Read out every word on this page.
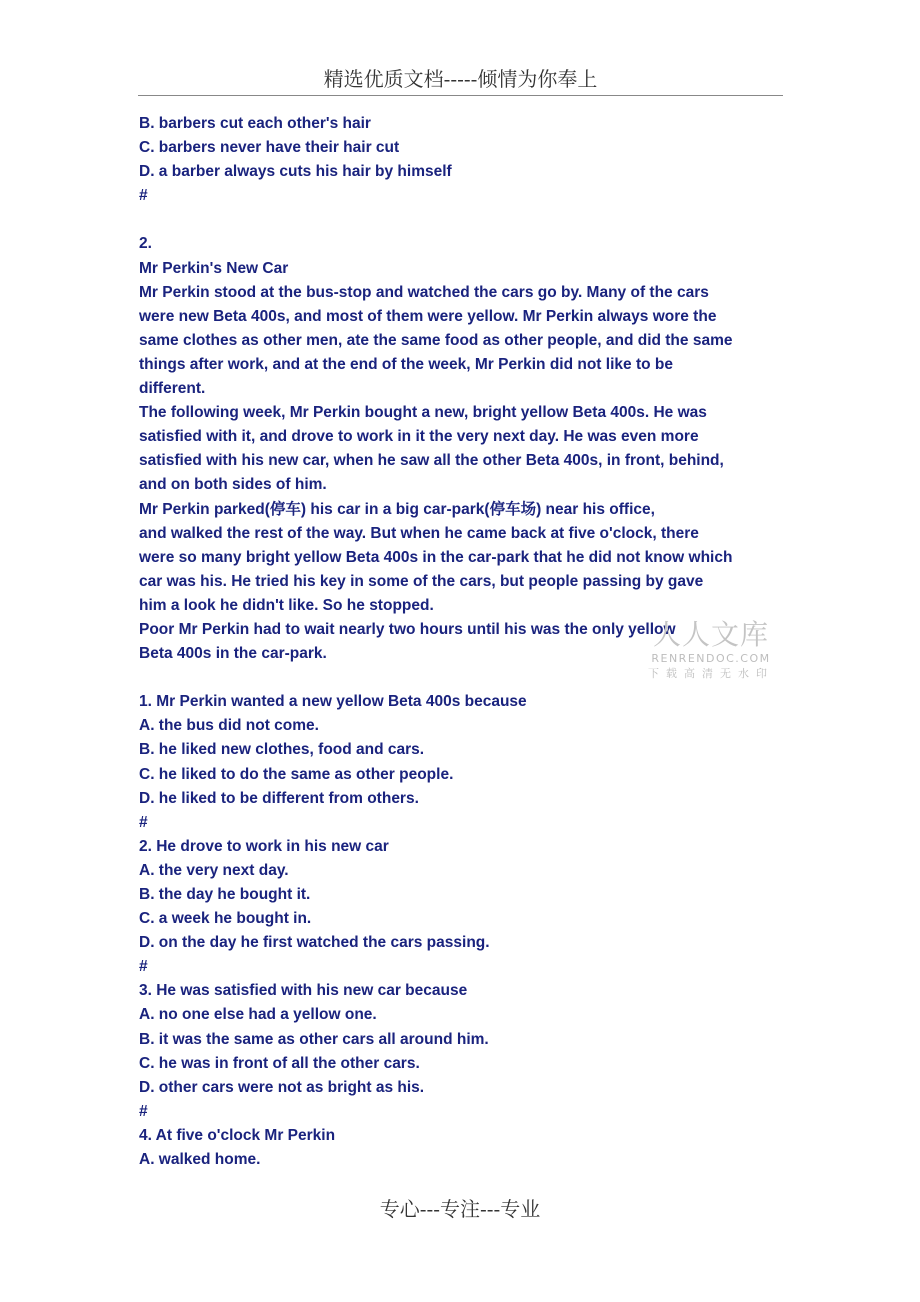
精选优质文档-----倾情为你奉上
B. barbers cut each other's hair
C. barbers never have their hair cut
D. a barber always cuts his hair by himself
#
2.
Mr Perkin's New Car
Mr Perkin stood at the bus-stop and watched the cars go by. Many of the cars
were new Beta 400s, and most of them were yellow. Mr Perkin always wore the
same clothes as other men, ate the same food as other people, and did the same
things after work, and at the end of the week, Mr Perkin did not like to be
different.
The following week, Mr Perkin bought a new, bright yellow Beta 400s. He was
satisfied with it, and drove to work in it the very next day. He was even more
satisfied with his new car, when he saw all the other Beta 400s, in front, behind,
and on both sides of him.
Mr Perkin parked(停车) his car in a big car-park(停车场) near his office,
and walked the rest of the way. But when he came back at five o'clock, there
were so many bright yellow Beta 400s in the car-park that he did not know which
car was his. He tried his key in some of the cars, but people passing by gave
him a look he didn't like. So he stopped.
Poor Mr Perkin had to wait nearly two hours until his was the only yellow
Beta 400s in the car-park.
1. Mr Perkin wanted a new yellow Beta 400s because
A. the bus did not come.
B. he liked new clothes, food and cars.
C. he liked to do the same as other people.
D. he liked to be different from others.
#
2. He drove to work in his new car
A. the very next day.
B. the day he bought it.
C. a week he bought in.
D. on the day he first watched the cars passing.
#
3. He was satisfied with his new car because
A. no one else had a yellow one.
B. it was the same as other cars all around him.
C. he was in front of all the other cars.
D. other cars were not as bright as his.
#
4. At five o'clock Mr Perkin
A. walked home.
人人文库
RENRENDOC.COM
下载高清无水印
专心---专注---专业
